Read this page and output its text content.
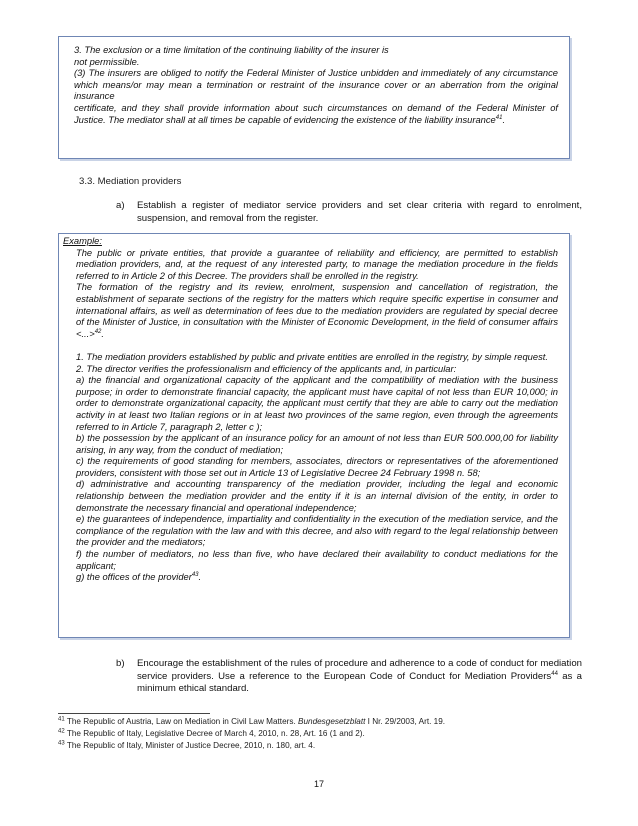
3. The exclusion or a time limitation of the continuing liability of the insurer is

not permissible.

(3) The insurers are obliged to notify the Federal Minister of Justice unbidden and immediately of any circumstance which means/or may mean a termination or restraint of the insurance cover or an aberration from the original insurance

certificate, and they shall provide information about such circumstances on demand of the Federal Minister of Justice. The mediator shall at all times be capable of evidencing the existence of the liability insurance$^{41}$.

3.3. Mediation providers
a) Establish a register of mediator service providers and set clear criteria with regard to enrolment, suspension, and removal from the register.

Example:

The public or private entities, that provide a guarantee of reliability and efficiency, are permitted to establish mediation providers, and, at the request of any interested party, to manage the mediation procedure in the fields referred to in Article 2 of this Decree. The providers shall be enrolled in the registry.

The formation of the registry and its review, enrolment, suspension and cancellation of registration, the establishment of separate sections of the registry for the matters which require specific expertise in consumer and international affairs, as well as determination of fees due to the mediation providers are regulated by special decree of the Minister of Justice, in consultation with the Minister of Economic Development, in the field of consumer affairs <...>$^{42}$.

1. The mediation providers established by public and private entities are enrolled in the registry, by simple request.

2. The director verifies the professionalism and efficiency of the applicants and, in particular:

a) the financial and organizational capacity of the applicant and the compatibility of mediation with the business purpose; in order to demonstrate financial capacity, the applicant must have capital of not less than EUR 10,000; in order to demonstrate organizational capacity, the applicant must certify that they are able to carry out the mediation activity in at least two Italian regions or in at least two provinces of the same region, even through the agreements referred to in Article 7, paragraph 2, letter c );

b) the possession by the applicant of an insurance policy for an amount of not less than EUR 500.000,00 for liability arising, in any way, from the conduct of mediation;

c) the requirements of good standing for members, associates, directors or representatives of the aforementioned providers, consistent with those set out in Article 13 of Legislative Decree 24 February 1998 n. 58;

d) administrative and accounting transparency of the mediation provider, including the legal and economic relationship between the mediation provider and the entity if it is an internal division of the entity, in order to demonstrate the necessary financial and operational independence;

e) the guarantees of independence, impartiality and confidentiality in the execution of the mediation service, and the compliance of the regulation with the law and with this decree, and also with regard to the legal relationship between the provider and the mediators;

f) the number of mediators, no less than five, who have declared their availability to conduct mediations for the applicant;

g) the offices of the provider$^{43}$.

b) Encourage the establishment of the rules of procedure and adherence to a code of conduct for mediation service providers. Use a reference to the European Code of Conduct for Mediation Providers$^{44}$ as a minimum ethical standard.
$^{41}$ The Republic of Austria, Law on Mediation in Civil Law Matters. Bundesgesetzblatt I Nr. 29/2003, Art. 19.
$^{42}$ The Republic of Italy, Legislative Decree of March 4, 2010, n. 28, Art. 16 (1 and 2).
$^{43}$ The Republic of Italy, Minister of Justice Decree, 2010, n. 180, art. 4.
17
